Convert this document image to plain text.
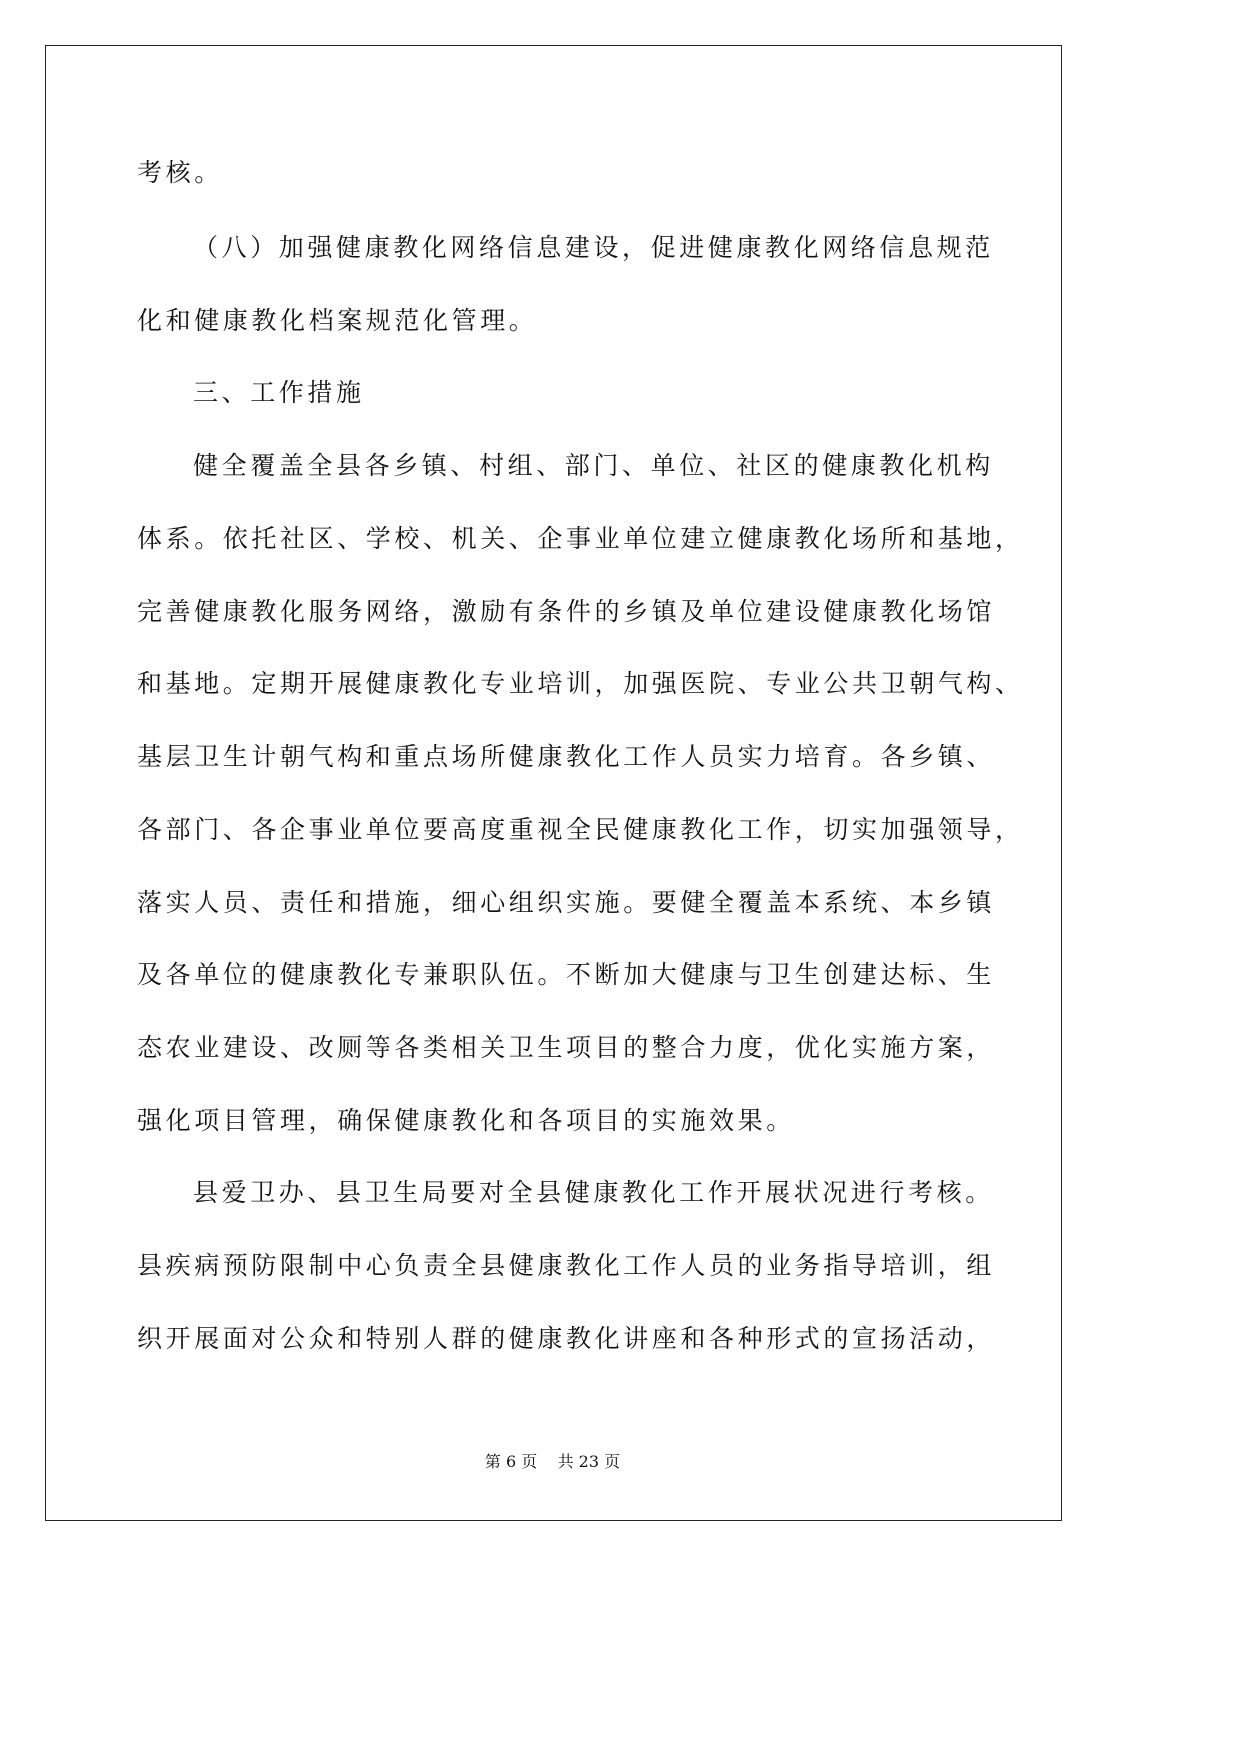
考核。
（八）加强健康教化网络信息建设，促进健康教化网络信息规范
化和健康教化档案规范化管理。
三、工作措施
健全覆盖全县各乡镇、村组、部门、单位、社区的健康教化机构
体系。依托社区、学校、机关、企事业单位建立健康教化场所和基地，
完善健康教化服务网络，激励有条件的乡镇及单位建设健康教化场馆
和基地。定期开展健康教化专业培训，加强医院、专业公共卫朝气构、
基层卫生计朝气构和重点场所健康教化工作人员实力培育。各乡镇、
各部门、各企事业单位要高度重视全民健康教化工作，切实加强领导，
落实人员、责任和措施，细心组织实施。要健全覆盖本系统、本乡镇
及各单位的健康教化专兼职队伍。不断加大健康与卫生创建达标、生
态农业建设、改厕等各类相关卫生项目的整合力度，优化实施方案，
强化项目管理，确保健康教化和各项目的实施效果。
县爱卫办、县卫生局要对全县健康教化工作开展状况进行考核。
县疾病预防限制中心负责全县健康教化工作人员的业务指导培训，组
织开展面对公众和特别人群的健康教化讲座和各种形式的宣扬活动，
第 6 页 共 23 页
